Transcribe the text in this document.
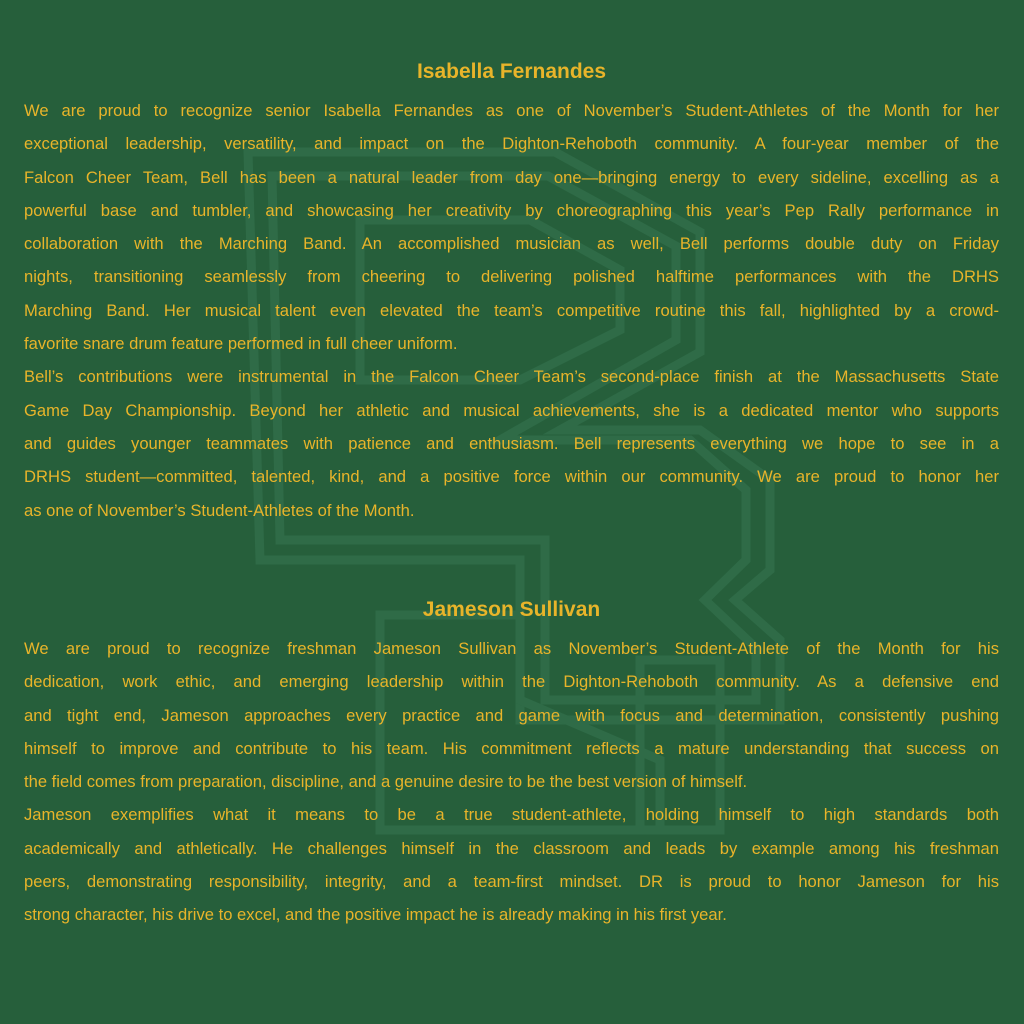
Isabella Fernandes
We are proud to recognize senior Isabella Fernandes as one of November’s Student-Athletes of the Month for her
exceptional leadership, versatility, and impact on the Dighton-Rehoboth community. A four-year member of the
Falcon Cheer Team, Bell has been a natural leader from day one—bringing energy to every sideline, excelling as a
powerful base and tumbler, and showcasing her creativity by choreographing this year’s Pep Rally performance in
collaboration with the Marching Band. An accomplished musician as well, Bell performs double duty on Friday
nights, transitioning seamlessly from cheering to delivering polished halftime performances with the DRHS
Marching Band. Her musical talent even elevated the team’s competitive routine this fall, highlighted by a crowd-
favorite snare drum feature performed in full cheer uniform.
Bell’s contributions were instrumental in the Falcon Cheer Team’s second-place finish at the Massachusetts State
Game Day Championship. Beyond her athletic and musical achievements, she is a dedicated mentor who supports
and guides younger teammates with patience and enthusiasm. Bell represents everything we hope to see in a
DRHS student—committed, talented, kind, and a positive force within our community. We are proud to honor her
as one of November’s Student-Athletes of the Month.
Jameson Sullivan
We are proud to recognize freshman Jameson Sullivan as November’s Student-Athlete of the Month for his
dedication, work ethic, and emerging leadership within the Dighton-Rehoboth community. As a defensive end
and tight end, Jameson approaches every practice and game with focus and determination, consistently pushing
himself to improve and contribute to his team. His commitment reflects a mature understanding that success on
the field comes from preparation, discipline, and a genuine desire to be the best version of himself.
Jameson exemplifies what it means to be a true student-athlete, holding himself to high standards both
academically and athletically. He challenges himself in the classroom and leads by example among his freshman
peers, demonstrating responsibility, integrity, and a team-first mindset. DR is proud to honor Jameson for his
strong character, his drive to excel, and the positive impact he is already making in his first year.
